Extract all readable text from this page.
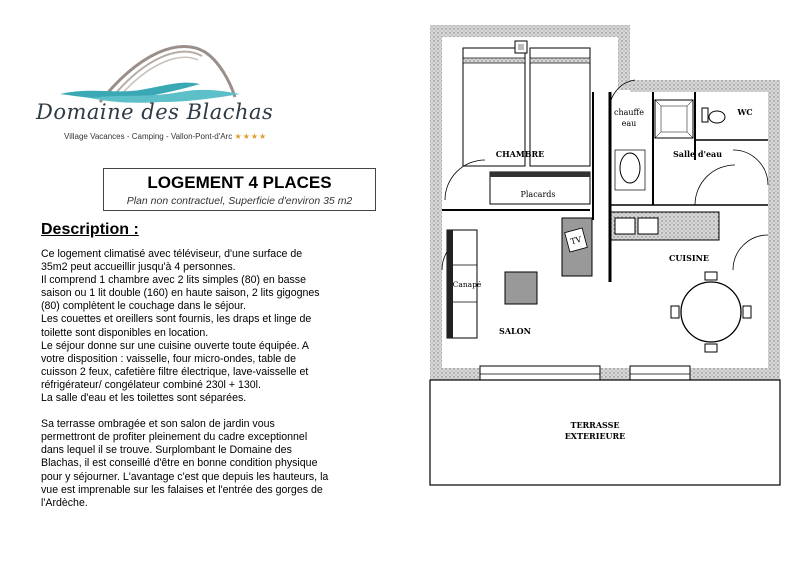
Domaine des Blachas
Village Vacances - Camping - Vallon-Pont-d'Arc ★★★★
LOGEMENT 4 PLACES
Plan non contractuel, Superficie d'environ 35 m2
Description :

Ce logement climatisé avec téléviseur, d'une surface de

35m2 peut accueillir jusqu'à 4 personnes.

Il comprend 1 chambre avec 2 lits simples (80) en basse

saison ou 1 lit double (160) en haute saison, 2 lits gigognes

(80) complètent le couchage dans le séjour.

Les couettes et oreillers sont fournis, les draps et linge de

toilette sont disponibles en location.

Le séjour donne sur une cuisine ouverte toute équipée. A

votre disposition : vaisselle, four micro-ondes, table de

cuisson 2 feux, cafetière filtre électrique, lave-vaisselle et

réfrigérateur/ congélateur combiné 230l + 130l.

La salle d'eau et les toilettes sont séparées.

Sa terrasse ombragée et son salon de jardin vous

permettront de profiter pleinement du cadre exceptionnel

dans lequel il se trouve. Surplombant le Domaine des

Blachas, il est conseillé d'être en bonne condition physique

pour y séjourner. L'avantage c'est que depuis les hauteurs, la

vue est imprenable sur les falaises et l'entrée des gorges de

l'Ardèche.

CHAMBRE
Placards
chauffe
eau
Salle d'eau
WC
CUISINE
TV
Canapé
SALON
TERRASSE
EXTERIEURE
